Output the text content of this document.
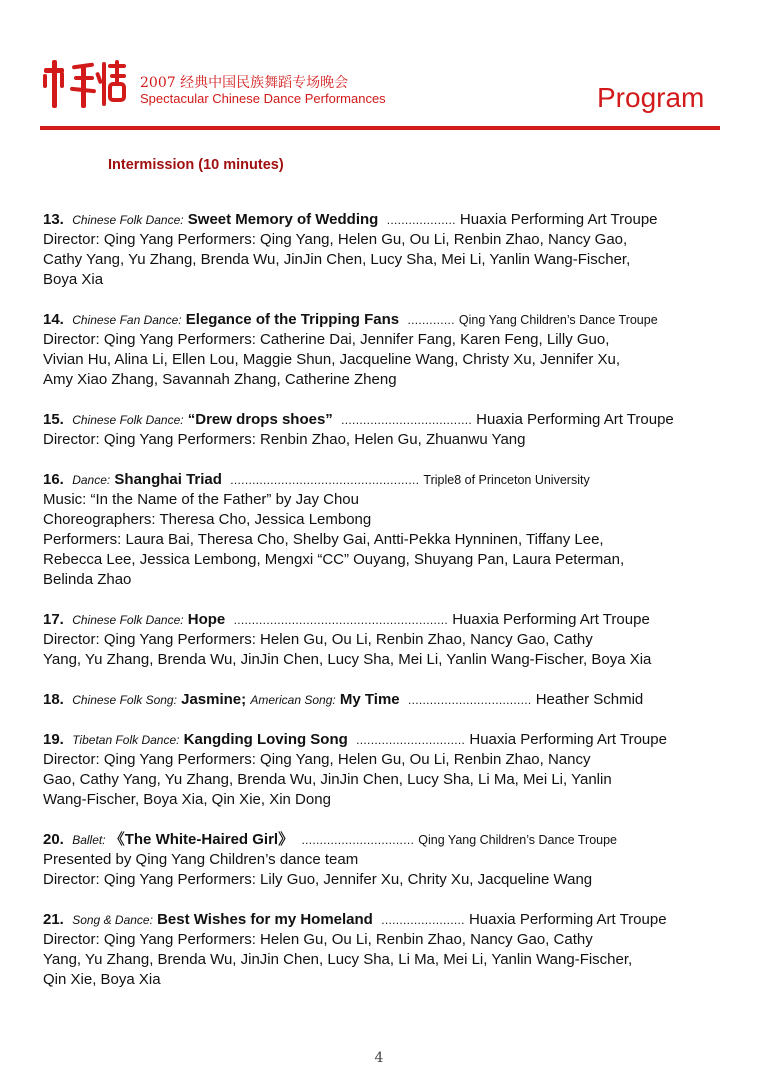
2007 经典中国民族舞蹈专场晚会
Spectacular Chinese Dance Performances	Program
Intermission (10 minutes)
13. Chinese Folk Dance: Sweet Memory of Wedding ................... Huaxia Performing Art Troupe
Director: Qing Yang Performers: Qing Yang, Helen Gu, Ou Li, Renbin Zhao, Nancy Gao,
Cathy Yang, Yu Zhang, Brenda Wu, JinJin Chen, Lucy Sha, Mei Li, Yanlin Wang-Fischer,
Boya Xia
14. Chinese Fan Dance: Elegance of the Tripping Fans ............. Qing Yang Children’s Dance Troupe
Director: Qing Yang Performers: Catherine Dai, Jennifer Fang, Karen Feng, Lilly Guo,
Vivian Hu, Alina Li, Ellen Lou, Maggie Shun, Jacqueline Wang, Christy Xu, Jennifer Xu,
Amy Xiao Zhang, Savannah Zhang, Catherine Zheng
15. Chinese Folk Dance: “Drew drops shoes” .................................... Huaxia Performing Art Troupe
Director: Qing Yang Performers: Renbin Zhao, Helen Gu, Zhuanwu Yang
16. Dance: Shanghai Triad .................................................... Triple8 of Princeton University
Music: “In the Name of the Father” by Jay Chou
Choreographers: Theresa Cho, Jessica Lembong
Performers: Laura Bai, Theresa Cho, Shelby Gai, Antti-Pekka Hynninen, Tiffany Lee,
Rebecca Lee, Jessica Lembong, Mengxi “CC” Ouyang, Shuyang Pan, Laura Peterman,
Belinda Zhao
17. Chinese Folk Dance: Hope ........................................................... Huaxia Performing Art Troupe
Director: Qing Yang Performers: Helen Gu, Ou Li, Renbin Zhao, Nancy Gao, Cathy
Yang, Yu Zhang, Brenda Wu, JinJin Chen, Lucy Sha, Mei Li, Yanlin Wang-Fischer, Boya Xia
18. Chinese Folk Song: Jasmine; American Song: My Time .................................. Heather Schmid
19. Tibetan Folk Dance: Kangding Loving Song .............................. Huaxia Performing Art Troupe
Director: Qing Yang Performers: Qing Yang, Helen Gu, Ou Li, Renbin Zhao, Nancy
Gao, Cathy Yang, Yu Zhang, Brenda Wu, JinJin Chen, Lucy Sha, Li Ma, Mei Li, Yanlin
Wang-Fischer, Boya Xia, Qin Xie, Xin Dong
20. Ballet: 《The White-Haired Girl》 ............................... Qing Yang Children’s Dance Troupe
Presented by Qing Yang Children’s dance team
Director: Qing Yang Performers: Lily Guo, Jennifer Xu, Chrity Xu, Jacqueline Wang
21. Song & Dance: Best Wishes for my Homeland ....................... Huaxia Performing Art Troupe
Director: Qing Yang Performers: Helen Gu, Ou Li, Renbin Zhao, Nancy Gao, Cathy
Yang, Yu Zhang, Brenda Wu, JinJin Chen, Lucy Sha, Li Ma, Mei Li, Yanlin Wang-Fischer,
Qin Xie, Boya Xia
4
